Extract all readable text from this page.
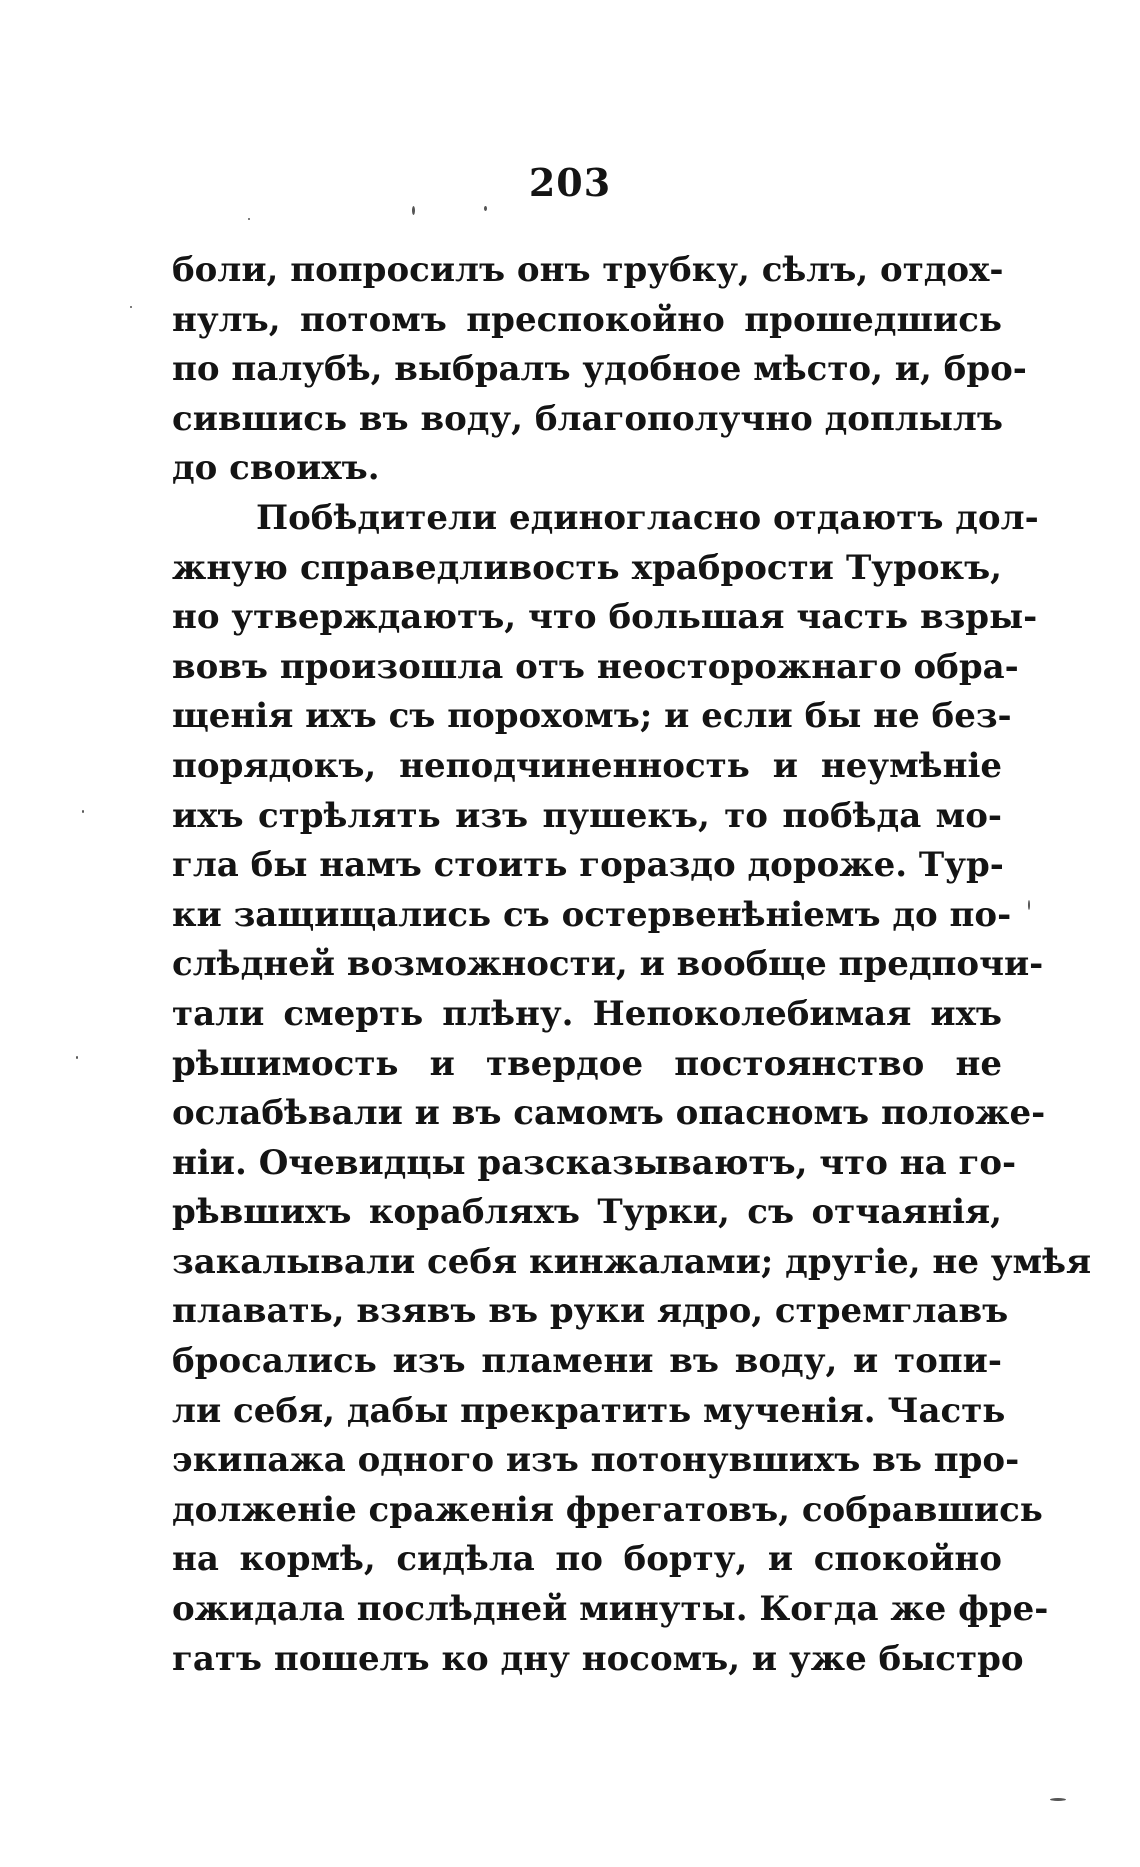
203
боли, попросилъ онъ трубку, сѣлъ, отдох-
нулъ, потомъ преспокойно прошедшись
по палубѣ, выбралъ удобное мѣсто, и, бро-
сившись въ воду, благополучно доплылъ
до своихъ.
Побѣдители единогласно отдаютъ дол-
жную справедливость храбрости Турокъ,
но утверждаютъ, что большая часть взры-
вовъ произошла отъ неосторожнаго обра-
щенія ихъ съ порохомъ; и если бы не без-
порядокъ, неподчиненность и неумѣніе
ихъ стрѣлять изъ пушекъ, то побѣда мо-
гла бы намъ стоить гораздо дороже. Тур-
ки защищались съ остервенѣніемъ до по-
слѣдней возможности, и вообще предпочи-
тали смерть плѣну. Непоколебимая ихъ
рѣшимость и твердое постоянство не
ослабѣвали и въ самомъ опасномъ положе-
ніи. Очевидцы разсказываютъ, что на го-
рѣвшихъ корабляхъ Турки, съ отчаянія,
закалывали себя кинжалами; другіе, не умѣя
плавать, взявъ въ руки ядро, стремглавъ
бросались изъ пламени въ воду, и топи-
ли себя, дабы прекратить мученія. Часть
экипажа одного изъ потонувшихъ въ про-
долженіе сраженія фрегатовъ, собравшись
на кормѣ, сидѣла по борту, и спокойно
ожидала послѣдней минуты. Когда же фре-
гатъ пошелъ ко дну носомъ, и уже быстро
